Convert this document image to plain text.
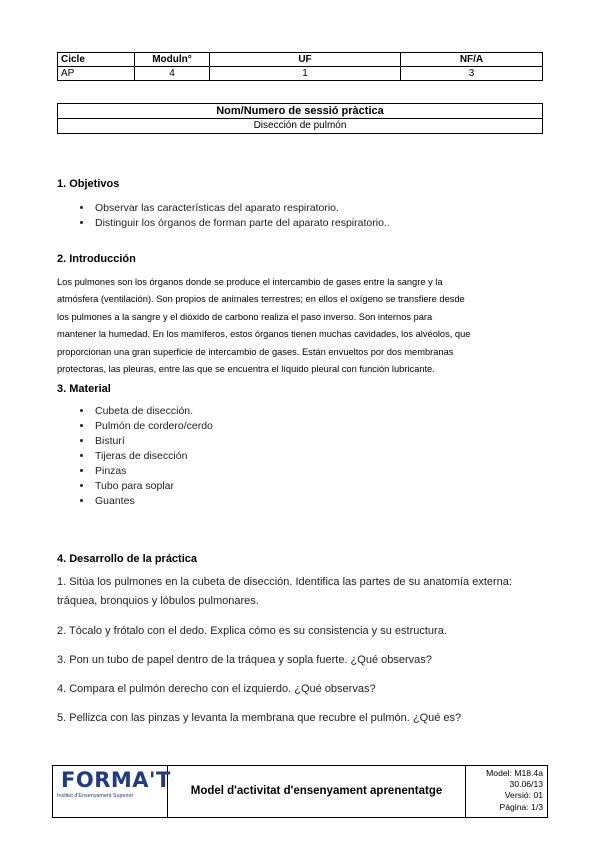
Cicle	Moduln°	UF	NF/A
AP	4	1	3
Nom/Numero de sessió pràctica
Disección de pulmón
1. Objetivos
• Observar las características del aparato respiratorio.
• Distinguir los órganos de forman parte del aparato respiratorio..
2. Introducción
Los pulmones son los órganos donde se produce el intercambio de gases entre la sangre y la
atmósfera (ventilación). Son propios de animales terrestres; en ellos el oxígeno se transfiere desde
los pulmones a la sangre y el dióxido de carbono realiza el paso inverso. Son internos para
mantener la humedad. En los mamíferos, estos órganos tienen muchas cavidades, los alvéolos, que
proporcionan una gran superficie de intercambio de gases. Están envueltos por dos membranas
protectoras, las pleuras, entre las que se encuentra el líquido pleural con función lubricante.
3. Material
• Cubeta de disección.
• Pulmón de cordero/cerdo
• Bisturí
• Tijeras de disección
• Pinzas
• Tubo para soplar
• Guantes
4. Desarrollo de la práctica
1. Sitúa los pulmones en la cubeta de disección. Identifica las partes de su anatomía externa: tráquea, bronquios y lóbulos pulmonares.
2. Tócalo y frótalo con el dedo. Explica cómo es su consistencia y su estructura.
3. Pon un tubo de papel dentro de la tráquea y sopla fuerte. ¿Qué observas?
4. Compara el pulmón derecho con el izquierdo. ¿Qué observas?
5. Pellizca con las pinzas y levanta la membrana que recubre el pulmón. ¿Qué es?
FORMA'T
Institut d'Ensenyament Superior	Model d'activitat d'ensenyament aprenentatge
Model: M18.4a
30.06/13
Versió: 01
Página: 1/3
